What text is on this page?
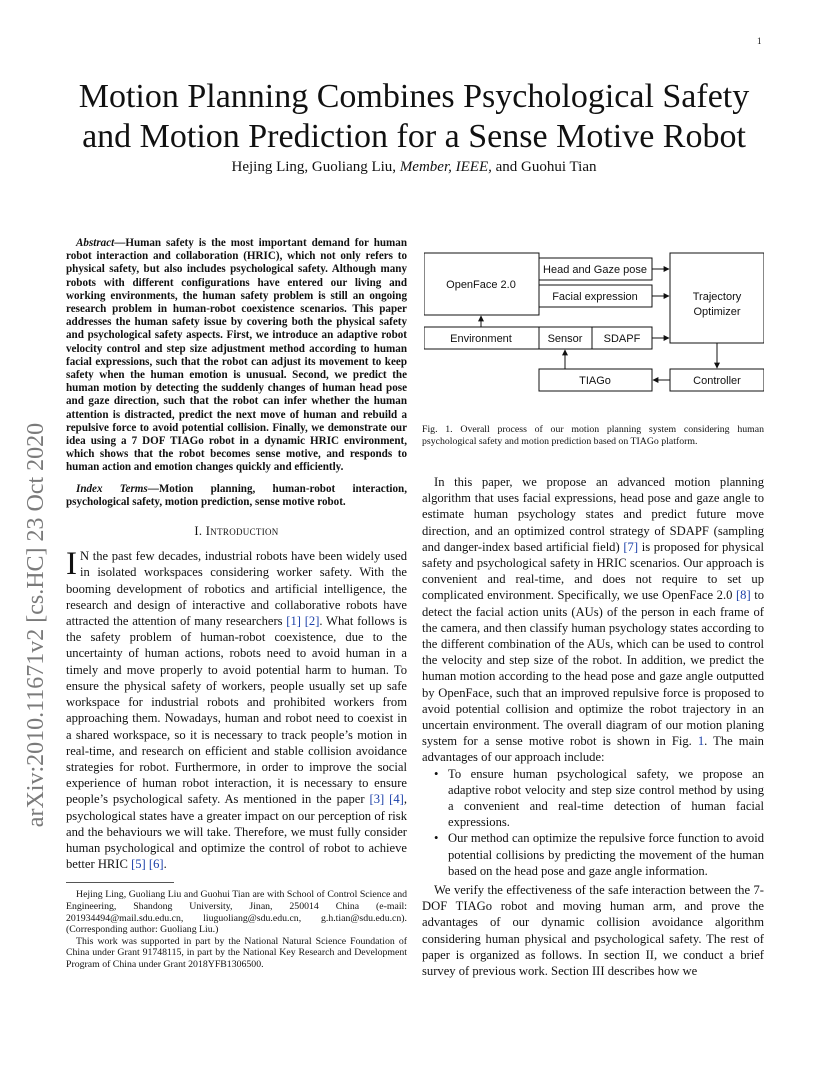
1
arXiv:2010.11671v2 [cs.HC] 23 Oct 2020
Motion Planning Combines Psychological Safety
and Motion Prediction for a Sense Motive Robot
Hejing Ling, Guoliang Liu, Member, IEEE, and Guohui Tian

Abstract—Human safety is the most important demand for human robot interaction and collaboration (HRIC), which not only refers to physical safety, but also includes psychological safety. Although many robots with different configurations have entered our living and working environments, the human safety problem is still an ongoing research problem in human-robot coexistence scenarios. This paper addresses the human safety issue by covering both the physical safety and psychological safety aspects. First, we introduce an adaptive robot velocity control and step size adjustment method according to human facial expressions, such that the robot can adjust its movement to keep safety when the human emotion is unusual. Second, we predict the human motion by detecting the suddenly changes of human head pose and gaze direction, such that the robot can infer whether the human attention is distracted, predict the next move of human and rebuild a repulsive force to avoid potential collision. Finally, we demonstrate our idea using a 7 DOF TIAGo robot in a dynamic HRIC environment, which shows that the robot becomes sense motive, and responds to human action and emotion changes quickly and efficiently.

Index Terms—Motion planning, human-robot interaction, psychological safety, motion prediction, sense motive robot.

I. Introduction

I N the past few decades, industrial robots have been widely used in isolated workspaces considering worker safety. With the booming development of robotics and artificial intelligence, the research and design of interactive and collaborative robots have attracted the attention of many researchers [1] [2]. What follows is the safety problem of human-robot coexistence, due to the uncertainty of human actions, robots need to avoid human in a timely and move properly to avoid potential harm to human. To ensure the physical safety of workers, people usually set up safe workspace for industrial robots and prohibited workers from approaching them. Nowadays, human and robot need to coexist in a shared workspace, so it is necessary to track people’s motion in real-time, and research on efficient and stable collision avoidance strategies for robot. Furthermore, in order to improve the social experience of human robot interaction, it is necessary to ensure people’s psychological safety. As mentioned in the paper [3] [4], psychological states have a greater impact on our perception of risk and the behaviours we will take. Therefore, we must fully consider human psychological and optimize the control of robot to achieve better HRIC [5] [6].

Hejing Ling, Guoliang Liu and Guohui Tian are with School of Control Science and Engineering, Shandong University, Jinan, 250014 China (e-mail: 201934494@mail.sdu.edu.cn, liuguoliang@sdu.edu.cn, g.h.tian@sdu.edu.cn). (Corresponding author: Guoliang Liu.)

This work was supported in part by the National Natural Science Foundation of China under Grant 91748115, in part by the National Key Research and Development Program of China under Grant 2018YFB1306500.

OpenFace 2.0
Head and Gaze pose
Facial expression	Trajectory
Optimizer
Environment	Sensor SDAPF
TIAGo	Controller
Fig. 1. Overall process of our motion planning system considering human psychological safety and motion prediction based on TIAGo platform.

In this paper, we propose an advanced motion planning algorithm that uses facial expressions, head pose and gaze angle to estimate human psychology states and predict future move direction, and an optimized control strategy of SDAPF (sampling and danger-index based artificial field) [7] is proposed for physical safety and psychological safety in HRIC scenarios. Our approach is convenient and real-time, and does not require to set up complicated environment. Specifically, we use OpenFace 2.0 [8] to detect the facial action units (AUs) of the person in each frame of the camera, and then classify human psychology states according to the different combination of the AUs, which can be used to control the velocity and step size of the robot. In addition, we predict the human motion according to the head pose and gaze angle outputted by OpenFace, such that an improved repulsive force is proposed to avoid potential collision and optimize the robot trajectory in an uncertain environment. The overall diagram of our motion planing system for a sense motive robot is shown in Fig. 1. The main advantages of our approach include:

• To ensure human psychological safety, we propose an adaptive robot velocity and step size control method by using a convenient and real-time detection of human facial expressions.
• Our method can optimize the repulsive force function to avoid potential collisions by predicting the movement of the human based on the head pose and gaze angle information.

We verify the effectiveness of the safe interaction between the 7-DOF TIAGo robot and moving human arm, and prove the advantages of our dynamic collision avoidance algorithm considering human physical and psychological safety. The rest of paper is organized as follows. In section II, we conduct a brief survey of previous work. Section III describes how we
